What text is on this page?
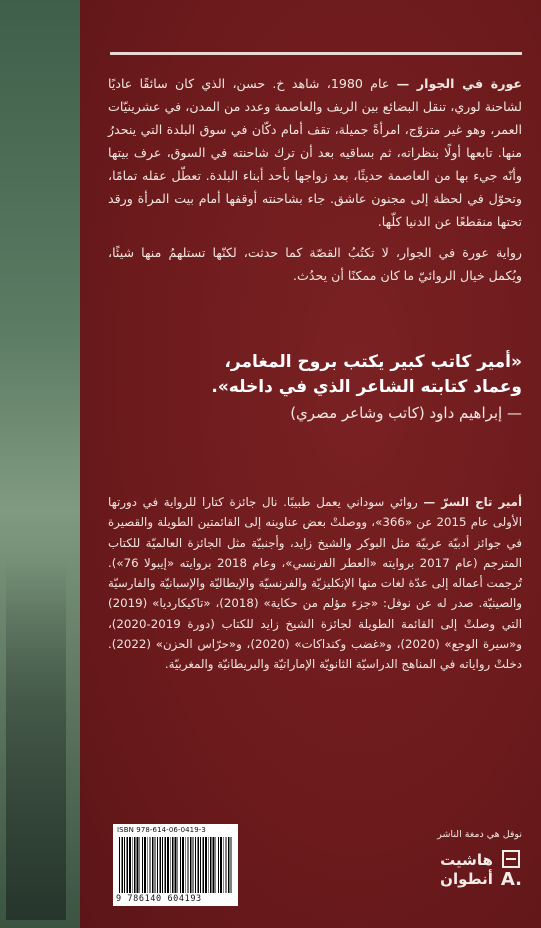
عورة في الجوار — عام 1980، شاهد خ. حسن، الذي كان سائقًا عاديًا لشاحنة لوري، تنقل البضائع بين الريف والعاصمة وعدد من المدن، في عشرينيّات العمر، وهو غير متزوّج، امرأةً جميلة، تقف أمام دكّان في سوق البلدة التي ينحدرُ منها. تابعها أولًا بنظراته، ثم بساقيه بعد أن ترك شاحنته في السوق، عرف بيتها وأنّه جيء بها من العاصمة حديثًا، بعد زواجها بأحد أبناء البلدة. تعطّل عقله تمامًا، وتحوّل في لحظة إلى مجنون عاشق. جاء بشاحنته أوقفها أمام بيت المرأة ورقد تحتها منقطعًا عن الدنيا كلّها.

رواية عورة في الجوار، لا تكتُبُ القصّة كما حدثت، لكنّها تستلهمُ منها شيئًا، ويُكمل خيال الروائيّ ما كان ممكنًا أن يحدُث.

«أمير كاتب كبير يكتب بروح المغامر،
وعماد كتابته الشاعر الذي في داخله».
— إبراهيم داود (كاتب وشاعر مصري)
أمير تاج السرّ — روائي سوداني يعمل طبيبًا. نال جائزة كتارا للرواية في دورتها الأولى عام 2015 عن «366»، ووصلتْ بعض عناوينه إلى القائمتين الطويلة والقصيرة في جوائز أدبيّة عربيّة مثل البوكر والشيخ زايد، وأجنبيّة مثل الجائزة العالميّة للكتاب المترجم (عام 2017 بروايته «العطر الفرنسي»، وعام 2018 بروايته «إيبولا 76»). تُرجمت أعماله إلى عدّة لغات منها الإنكليزيّة والفرنسيّة والإيطاليّة والإسبانيّة والفارسيّة والصينيّة. صدر له عن نوفل: «جزء مؤلم من حكاية» (2018)، «تاكيكارديا» (2019) التي وصلتْ إلى القائمة الطويلة لجائزة الشيخ زايد للكتاب (دورة 2019-2020)، و«سيرة الوجع» (2020)، و«غضب وكنداكات» (2020)، و«حرّاس الحزن» (2022). دخلتْ رواياته في المناهج الدراسيّة الثانويّة الإماراتيّة والبريطانيّة والمغربيّة.
ISBN 978-614-06-0419-3
9 786140 604193
نوفل هي دمغة الناشر
هاشيت
أنطوان A.
